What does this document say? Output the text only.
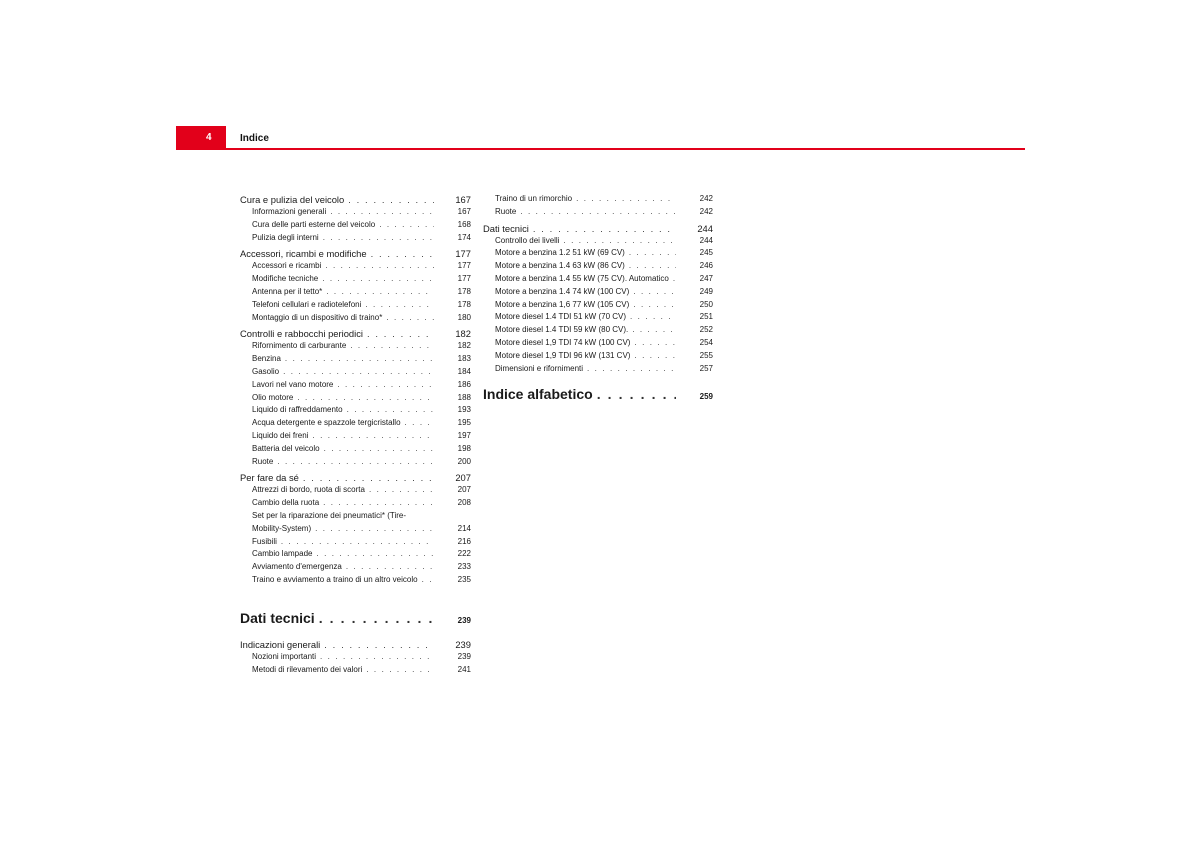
4	Indice
Cura e pulizia del veicolo . . .	167
Informazioni generali . . .	167
Cura delle parti esterne del veicolo . . .	168
Pulizia degli interni . . .	174
Accessori, ricambi e modifiche . . .	177
Accessori e ricambi . . .	177
Modifiche tecniche . . .	177
Antenna per il tetto* . . .	178
Telefoni cellulari e radiotelefoni . . .	178
Montaggio di un dispositivo di traino* . . .	180
Controlli e rabbocchi periodici . . .	182
Rifornimento di carburante . . .	182
Benzina . . .	183
Gasolio . . .	184
Lavori nel vano motore . . .	186
Olio motore . . .	188
Liquido di raffreddamento . . .	193
Acqua detergente e spazzole tergicristallo . . .	195
Liquido dei freni . . .	197
Batteria del veicolo . . .	198
Ruote . . .	200
Per fare da sé . . .	207
Attrezzi di bordo, ruota di scorta . . .	207
Cambio della ruota . . .	208
Set per la riparazione dei pneumatici* (Tire-
Mobility-System) . . .	214
Fusibili . . .	216
Cambio lampade . . .	222
Avviamento d'emergenza . . .	233
Traino e avviamento a traino di un altro veicolo . . .	235
Dati tecnici . . .	239
Indicazioni generali . . .	239
Nozioni importanti . . .	239
Metodi di rilevamento dei valori . . .	241
Traino di un rimorchio . . .	242
Ruote . . .	242
Dati tecnici . . .	244
Controllo dei livelli . . .	244
Motore a benzina 1.2 51 kW (69 CV) . . .	245
Motore a benzina 1.4 63 kW (86 CV) . . .	246
Motore a benzina 1.4 55 kW (75 CV). Automatico . . .	247
Motore a benzina 1.4 74 kW (100 CV) . . .	249
Motore a benzina 1,6 77 kW (105 CV) . . .	250
Motore diesel 1.4 TDI 51 kW (70 CV) . . .	251
Motore diesel 1.4 TDI 59 kW (80 CV). . . .	252
Motore diesel 1,9 TDI 74 kW (100 CV) . . .	254
Motore diesel 1,9 TDI 96 kW (131 CV) . . .	255
Dimensioni e rifornimenti . . .	257
Indice alfabetico . . .	259
